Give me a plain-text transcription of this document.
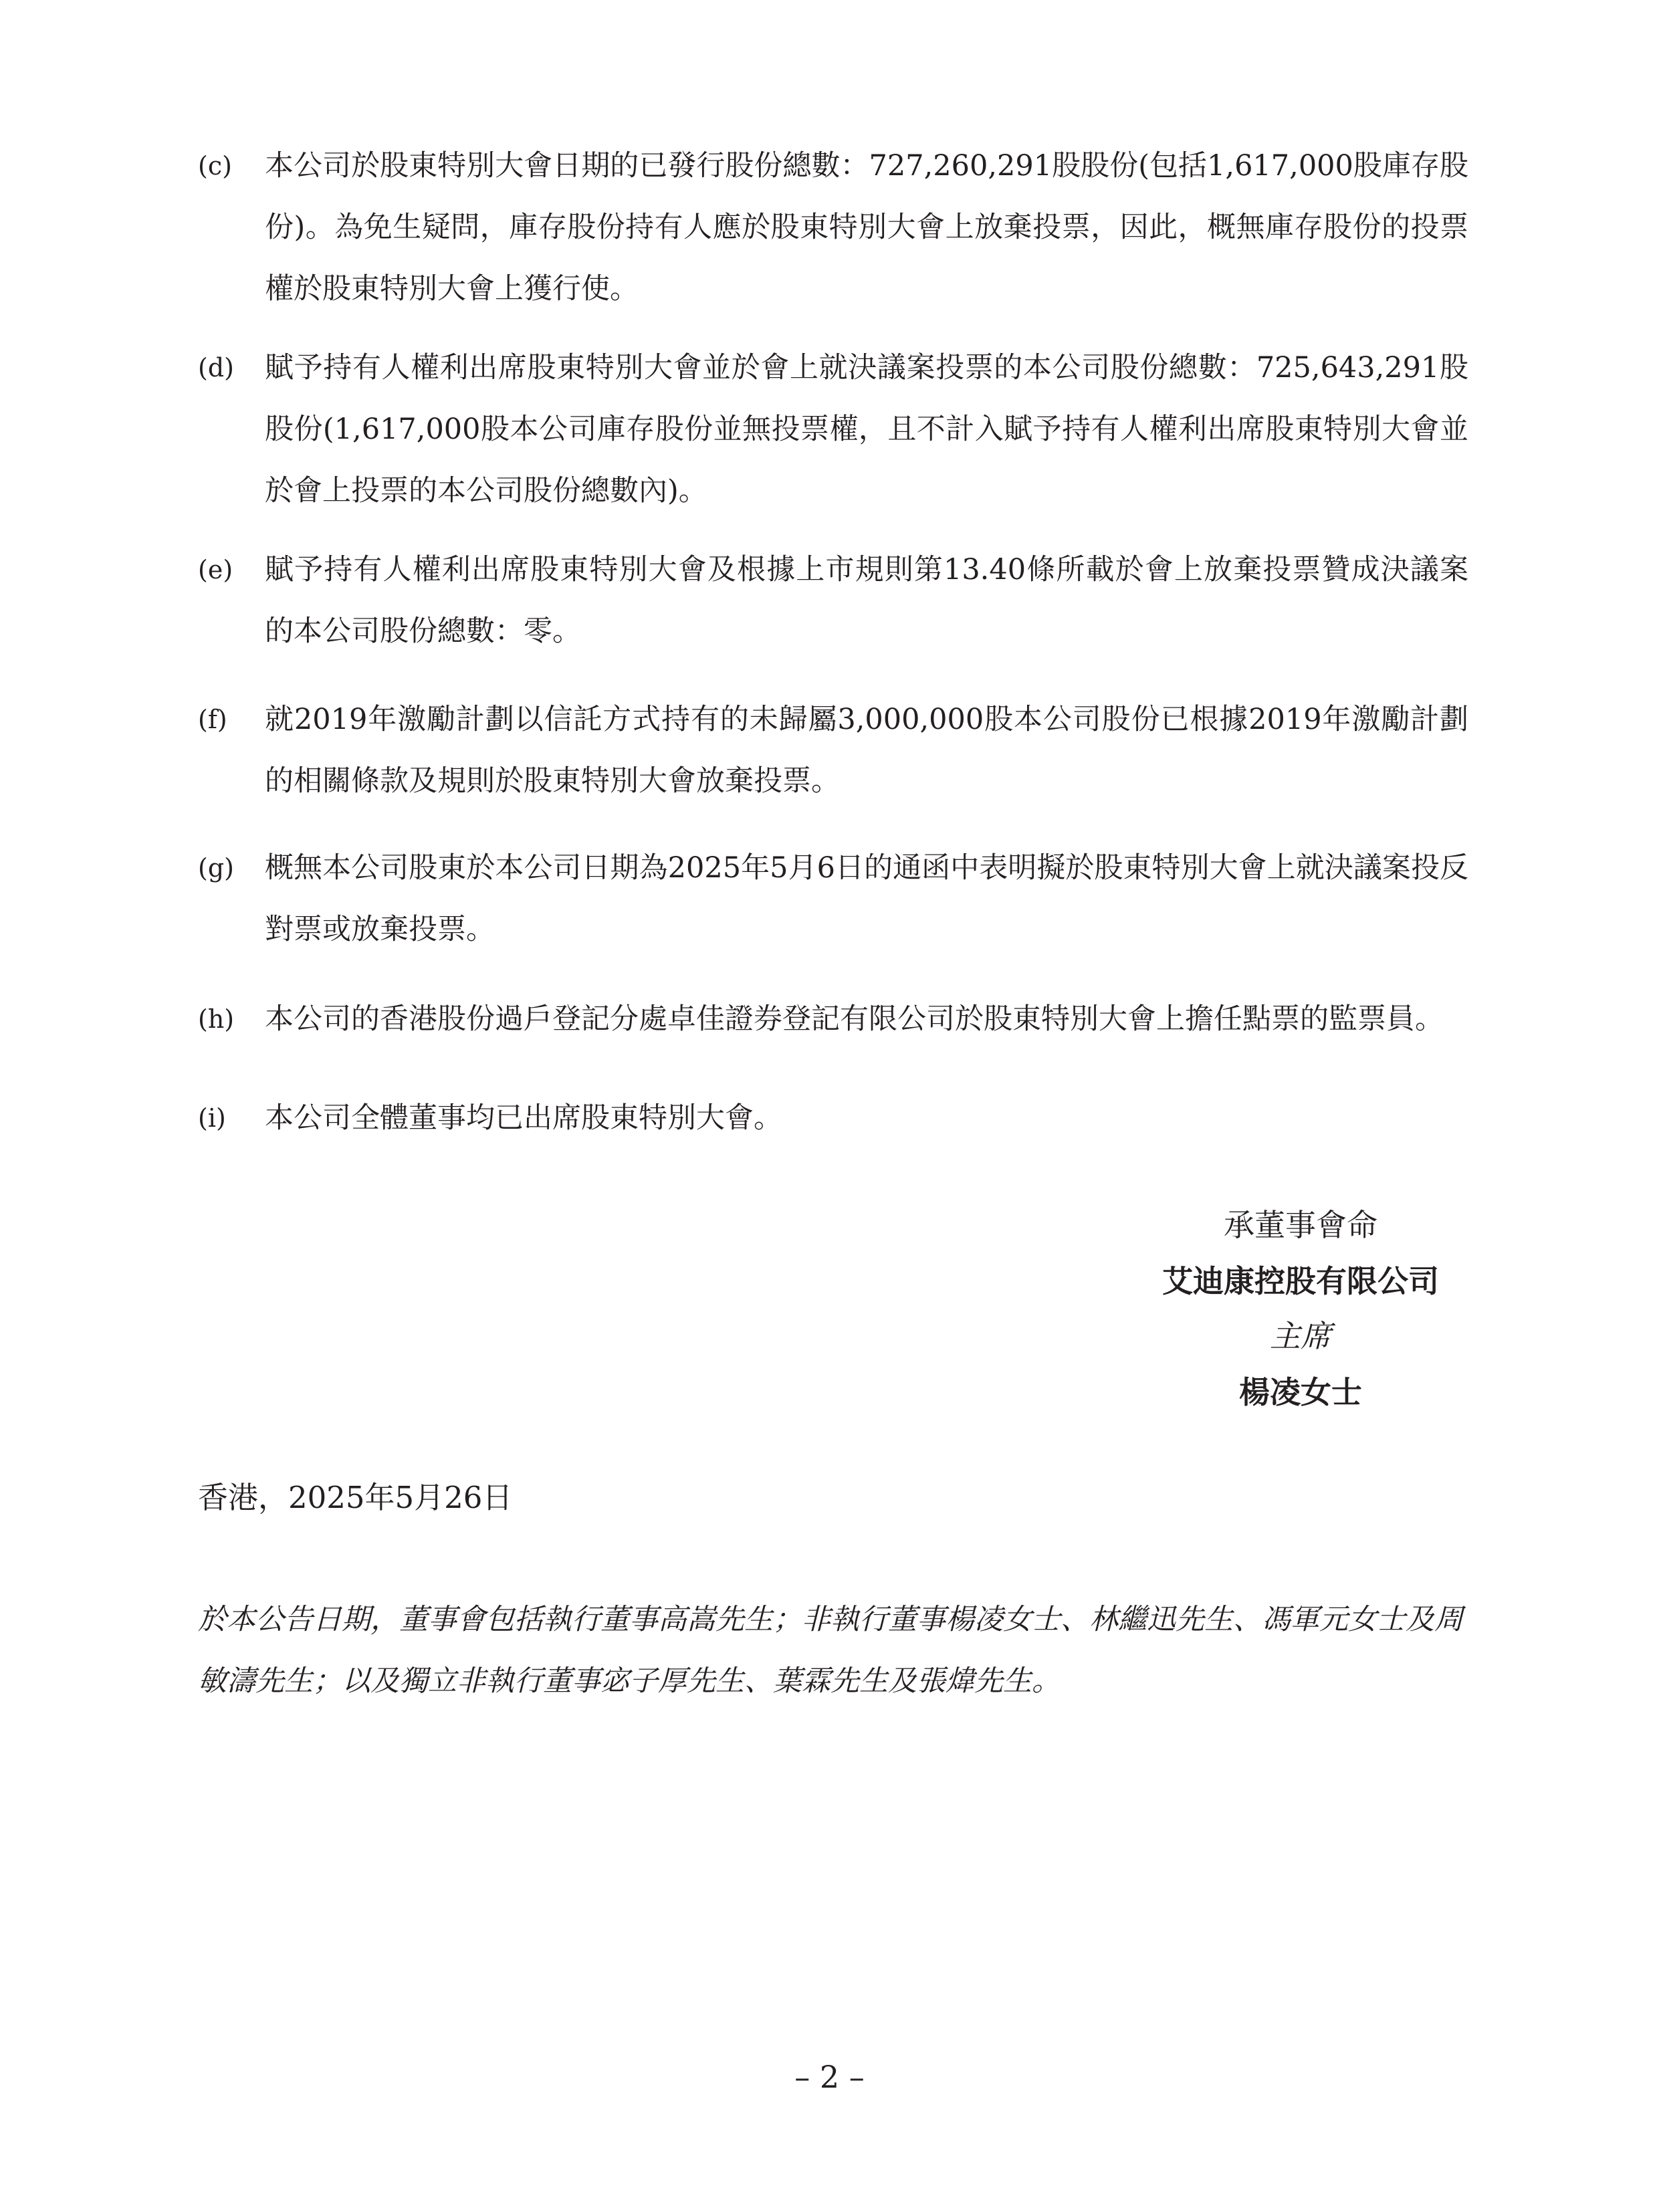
(c) 本公司於股東特別大會日期的已發行股份總數：727,260,291股股份(包括1,617,000股庫存股份)。為免生疑問，庫存股份持有人應於股東特別大會上放棄投票，因此，概無庫存股份的投票權於股東特別大會上獲行使。
(d) 賦予持有人權利出席股東特別大會並於會上就決議案投票的本公司股份總數：725,643,291股股份(1,617,000股本公司庫存股份並無投票權，且不計入賦予持有人權利出席股東特別大會並於會上投票的本公司股份總數內)。
(e) 賦予持有人權利出席股東特別大會及根據上市規則第13.40條所載於會上放棄投票贊成決議案的本公司股份總數：零。
(f) 就2019年激勵計劃以信託方式持有的未歸屬3,000,000股本公司股份已根據2019年激勵計劃的相關條款及規則於股東特別大會放棄投票。
(g) 概無本公司股東於本公司日期為2025年5月6日的通函中表明擬於股東特別大會上就決議案投反對票或放棄投票。
(h) 本公司的香港股份過戶登記分處卓佳證券登記有限公司於股東特別大會上擔任點票的監票員。
(i) 本公司全體董事均已出席股東特別大會。
承董事會命
艾迪康控股有限公司
主席
楊凌女士
香港，2025年5月26日
於本公告日期，董事會包括執行董事高嵩先生；非執行董事楊凌女士、林繼迅先生、馮軍元女士及周敏濤先生；以及獨立非執行董事宓子厚先生、葉霖先生及張煒先生。
– 2 –
